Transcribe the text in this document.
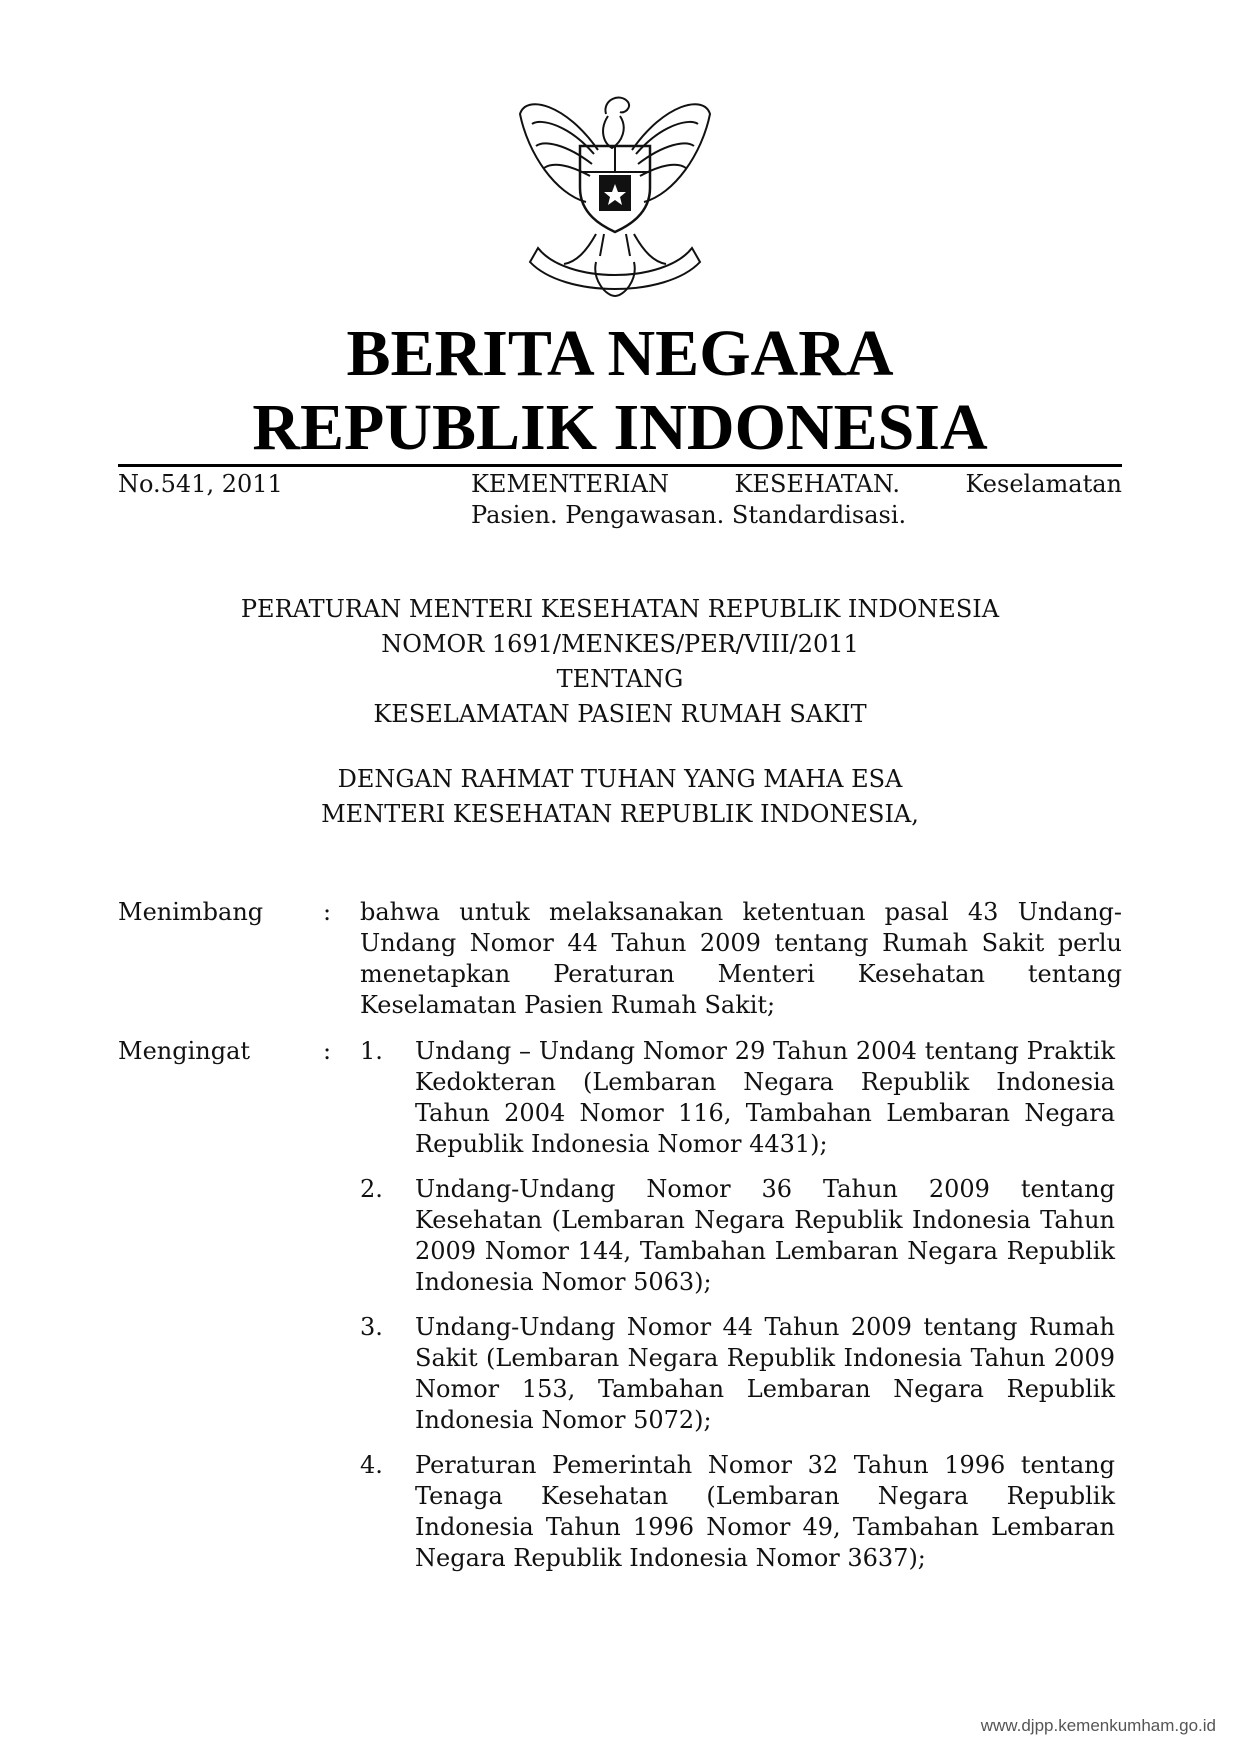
BERITA NEGARA
REPUBLIK INDONESIA
No.541, 2011	KEMENTERIAN KESEHATAN. Keselamatan
Pasien. Pengawasan. Standardisasi.
PERATURAN MENTERI KESEHATAN REPUBLIK INDONESIA
NOMOR 1691/MENKES/PER/VIII/2011
TENTANG
KESELAMATAN PASIEN RUMAH SAKIT
DENGAN RAHMAT TUHAN YANG MAHA ESA
MENTERI KESEHATAN REPUBLIK INDONESIA,
Menimbang : bahwa untuk melaksanakan ketentuan pasal 43 Undang-Undang Nomor 44 Tahun 2009 tentang Rumah Sakit perlu menetapkan Peraturan Menteri Kesehatan tentang Keselamatan Pasien Rumah Sakit;
Mengingat	: 1. Undang – Undang Nomor 29 Tahun 2004 tentang Praktik Kedokteran (Lembaran Negara Republik Indonesia Tahun 2004 Nomor 116, Tambahan Lembaran Negara Republik Indonesia Nomor 4431);
2. Undang-Undang Nomor 36 Tahun 2009 tentang Kesehatan (Lembaran Negara Republik Indonesia Tahun 2009 Nomor 144, Tambahan Lembaran Negara Republik Indonesia Nomor 5063);
3. Undang-Undang Nomor 44 Tahun 2009 tentang Rumah Sakit (Lembaran Negara Republik Indonesia Tahun 2009 Nomor 153, Tambahan Lembaran Negara Republik Indonesia Nomor 5072);
4. Peraturan Pemerintah Nomor 32 Tahun 1996 tentang Tenaga Kesehatan (Lembaran Negara Republik Indonesia Tahun 1996 Nomor 49, Tambahan Lembaran Negara Republik Indonesia Nomor 3637);
www.djpp.kemenkumham.go.id
